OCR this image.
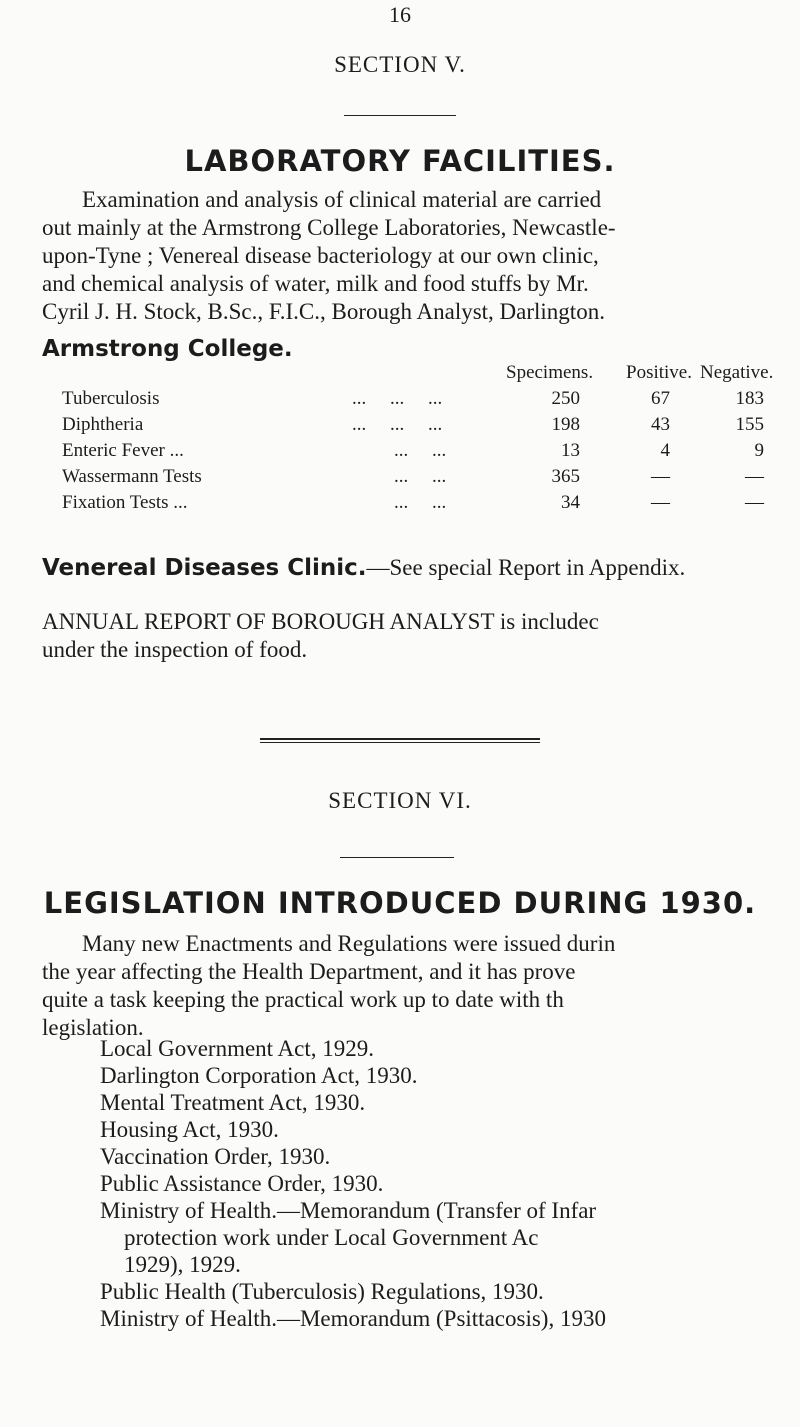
16
SECTION V.
LABORATORY FACILITIES.
Examination and analysis of clinical material are carried
out mainly at the Armstrong College Laboratories, Newcastle-
upon-Tyne ; Venereal disease bacteriology at our own clinic,
and chemical analysis of water, milk and food stuffs by Mr.
Cyril J. H. Stock, B.Sc., F.I.C., Borough Analyst, Darlington.
Armstrong College.
Specimens. Positive. Negative.
Tuberculosis	...     ...     ...	250	67	183
Diphtheria	...     ...     ...	198	43	155
Enteric Fever ...	...     ...	13	4	9
Wassermann Tests	...     ...	365	—	—
Fixation Tests ...	...     ...	34	—	—
Venereal Diseases Clinic.—See special Report in Appendix.
ANNUAL REPORT OF BOROUGH ANALYST is includec
under the inspection of food.
SECTION VI.
LEGISLATION INTRODUCED DURING 1930.
Many new Enactments and Regulations were issued durin
the year affecting the Health Department, and it has prove
quite a task keeping the practical work up to date with th
legislation.
Local Government Act, 1929.
Darlington Corporation Act, 1930.
Mental Treatment Act, 1930.
Housing Act, 1930.
Vaccination Order, 1930.
Public Assistance Order, 1930.
Ministry of Health.—Memorandum (Transfer of Infar
protection work under Local Government Ac
1929), 1929.
Public Health (Tuberculosis) Regulations, 1930.
Ministry of Health.—Memorandum (Psittacosis), 1930
